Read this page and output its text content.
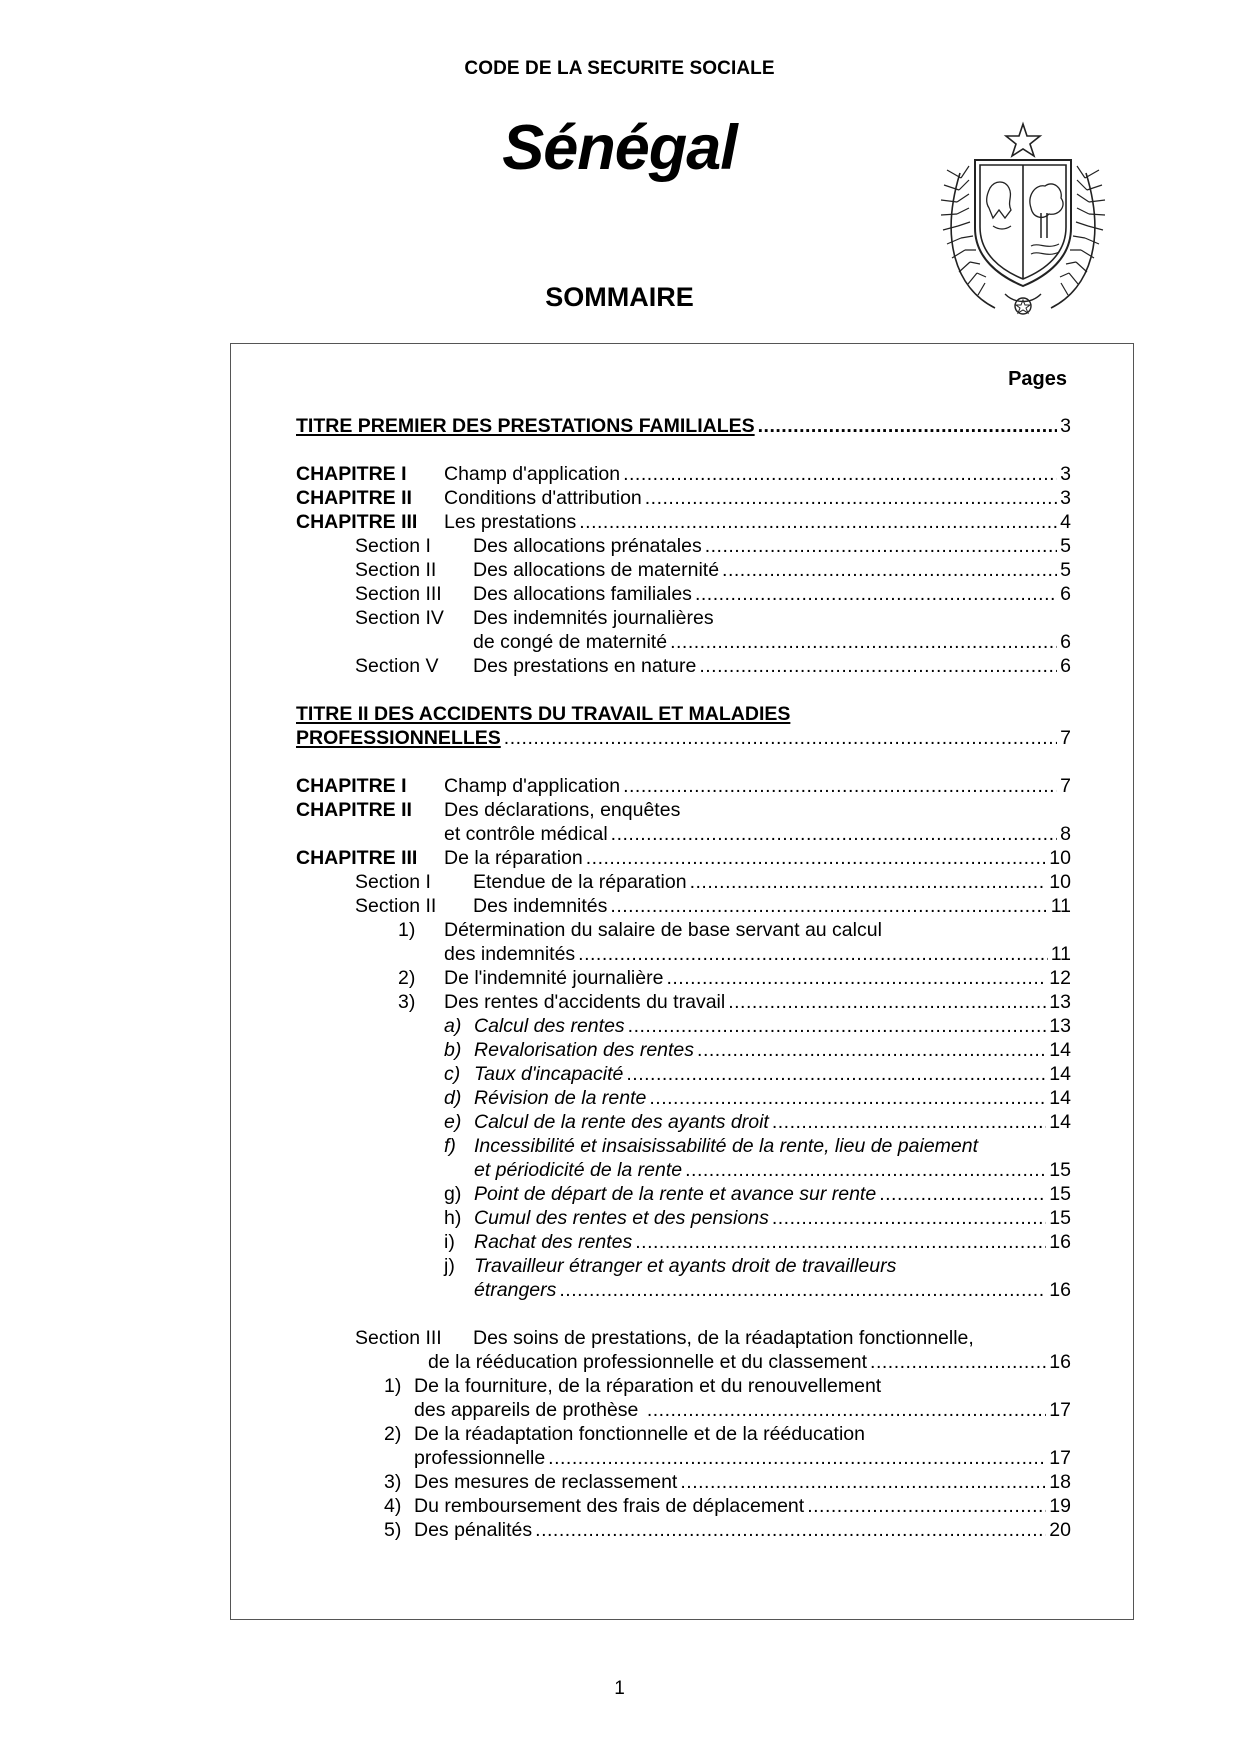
CODE DE LA SECURITE SOCIALE
Sénégal
SOMMAIRE
Pages
TITRE PREMIER DES PRESTATIONS FAMILIALES .....	3
CHAPITRE I	Champ d'application .....	3
CHAPITRE II	Conditions d'attribution .....	3
CHAPITRE III	Les prestations .....	4
Section I	Des allocations prénatales .....	5
Section II	Des allocations de maternité .....	5
Section III	Des allocations familiales .....	6
Section IV	Des indemnités journalières
de congé de maternité .....	6
Section V	Des prestations en nature .....	6
TITRE II DES ACCIDENTS DU TRAVAIL ET MALADIES
PROFESSIONNELLES .....	7
CHAPITRE I	Champ d'application .....	7
CHAPITRE II	Des déclarations, enquêtes
et contrôle médical .....	8
CHAPITRE III	De la réparation .....	10
Section I	Etendue de la réparation .....	10
Section II	Des indemnités .....	11
1)	Détermination du salaire de base servant au calcul
des indemnités .....	11
2)	De l'indemnité journalière .....	12
3)	Des rentes d'accidents du travail .....	13
a) Calcul des rentes .....	13
b) Revalorisation des rentes .....	14
c) Taux d'incapacité .....	14
d) Révision de la rente .....	14
e) Calcul de la rente des ayants droit .....	14
f) Incessibilité et insaisissabilité de la rente, lieu de paiement
et périodicité de la rente .....	15
g) Point de départ de la rente et avance sur rente .....	15
h) Cumul des rentes et des pensions .....	15
i) Rachat des rentes .....	16
j) Travailleur étranger et ayants droit de travailleurs
étrangers .....	16
Section III	Des soins de prestations, de la réadaptation fonctionnelle,
de la rééducation professionnelle et du classement .....	16
1) De la fourniture, de la réparation et du renouvellement
des appareils de prothèse .....	17
2) De la réadaptation fonctionnelle et de la rééducation
professionnelle .....	17
3) Des mesures de reclassement .....	18
4) Du remboursement des frais de déplacement .....	19
5) Des pénalités .....	20
1
